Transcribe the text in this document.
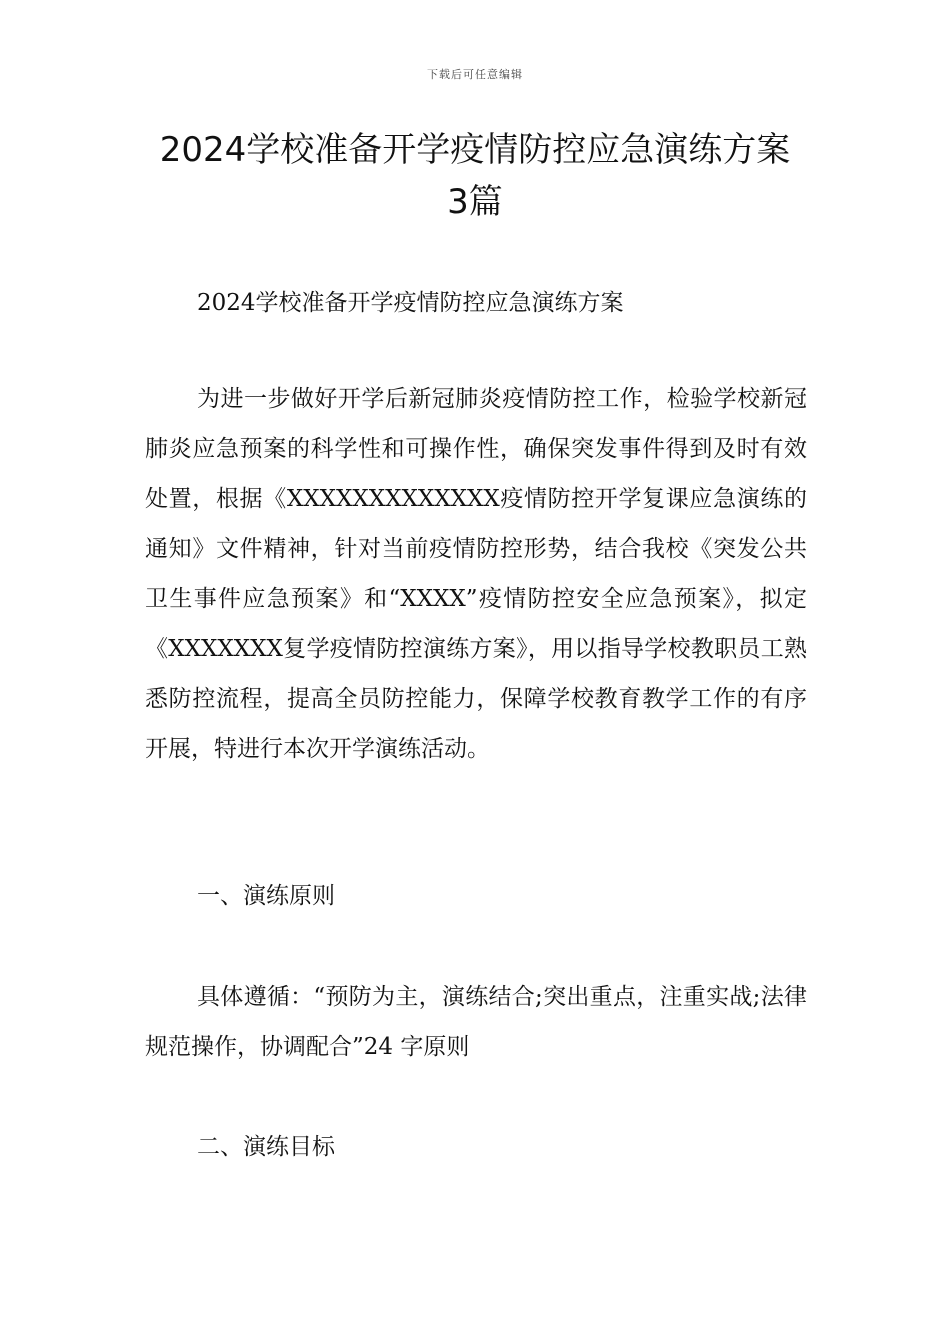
下载后可任意编辑
2024学校准备开学疫情防控应急演练方案
3篇

2024学校准备开学疫情防控应急演练方案

为进一步做好开学后新冠肺炎疫情防控工作，检验学校新冠肺炎应急预案的科学性和可操作性，确保突发事件得到及时有效处置，根据《XXXXXXXXXXXXX疫情防控开学复课应急演练的通知》文件精神，针对当前疫情防控形势，结合我校《突发公共卫生事件应急预案》和“XXXX”疫情防控安全应急预案》，拟定《XXXXXXX复学疫情防控演练方案》，用以指导学校教职员工熟悉防控流程，提高全员防控能力，保障学校教育教学工作的有序开展，特进行本次开学演练活动。

一、演练原则

具体遵循：“预防为主，演练结合;突出重点，注重实战;法律规范操作，协调配合”24 字原则

二、演练目标
